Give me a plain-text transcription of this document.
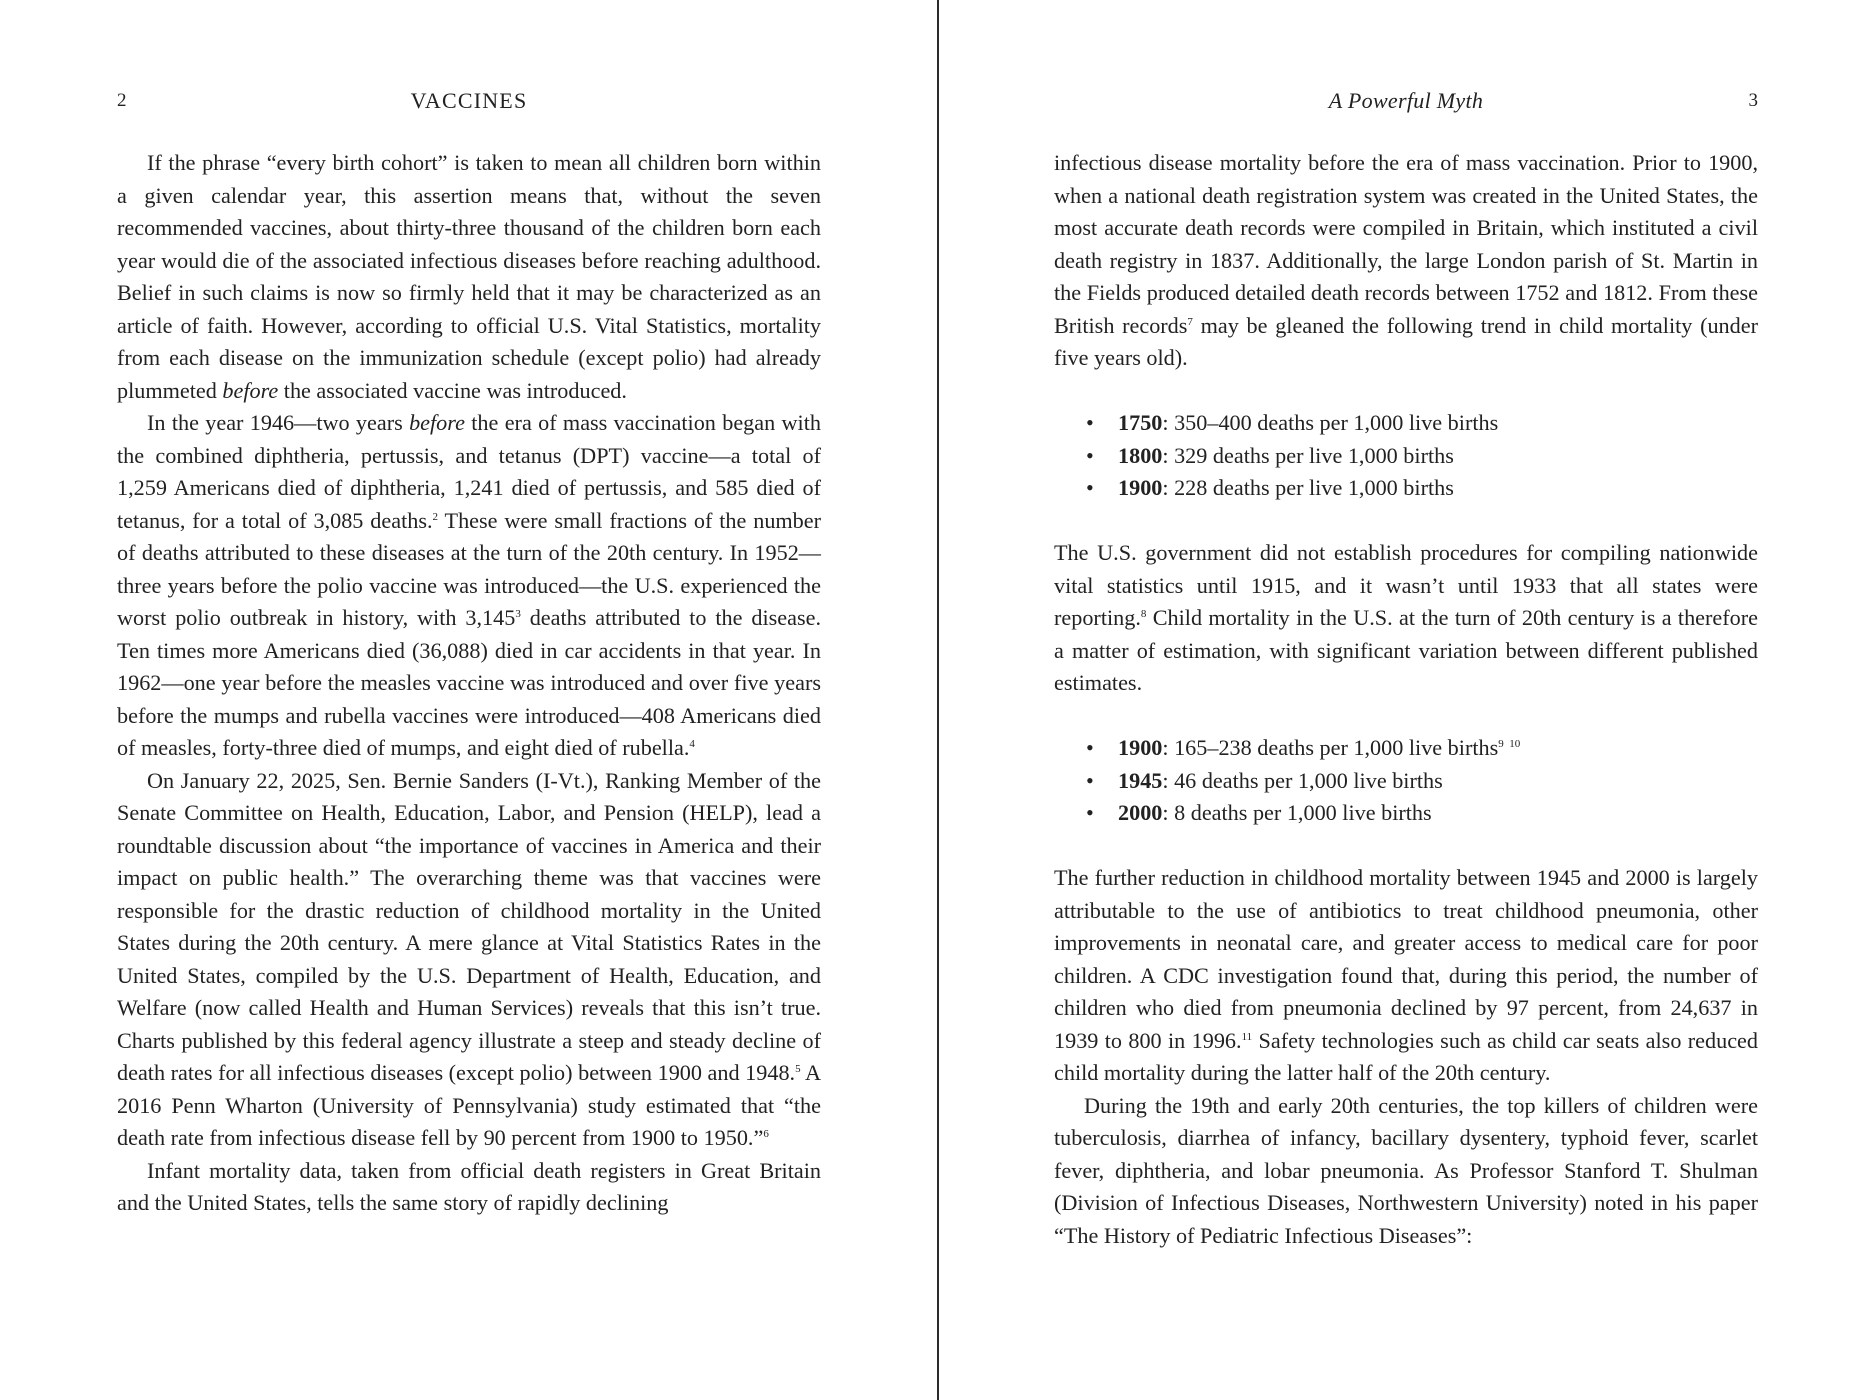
2	VACCINES

If the phrase “every birth cohort” is taken to mean all children born within a given calendar year, this assertion means that, without the seven recommended vaccines, about thirty-three thousand of the children born each year would die of the associated infectious diseases before reaching adulthood. Belief in such claims is now so firmly held that it may be characterized as an article of faith. However, according to official U.S. Vital Statistics, mortality from each disease on the immunization schedule (except polio) had already plummeted before the associated vaccine was introduced.

In the year 1946—two years before the era of mass vaccination began with the combined diphtheria, pertussis, and tetanus (DPT) vaccine—a total of 1,259 Americans died of diphtheria, 1,241 died of pertussis, and 585 died of tetanus, for a total of 3,085 deaths.$^2$ These were small fractions of the number of deaths attributed to these diseases at the turn of the 20th century. In 1952—three years before the polio vaccine was introduced—the U.S. experienced the worst polio outbreak in history, with 3,145$^3$ deaths attributed to the disease. Ten times more Americans died (36,088) died in car accidents in that year. In 1962—one year before the measles vaccine was introduced and over five years before the mumps and rubella vaccines were introduced—408 Americans died of measles, forty-three died of mumps, and eight died of rubella.$^4$

On January 22, 2025, Sen. Bernie Sanders (I-Vt.), Ranking Member of the Senate Committee on Health, Education, Labor, and Pension (HELP), lead a roundtable discussion about “the importance of vaccines in America and their impact on public health.” The overarching theme was that vaccines were responsible for the drastic reduction of childhood mortality in the United States during the 20th century. A mere glance at Vital Statistics Rates in the United States, compiled by the U.S. Department of Health, Education, and Welfare (now called Health and Human Services) reveals that this isn’t true. Charts published by this federal agency illustrate a steep and steady decline of death rates for all infectious diseases (except polio) between 1900 and 1948.$^5$ A 2016 Penn Wharton (University of Pennsylvania) study estimated that “the death rate from infectious disease fell by 90 percent from 1900 to 1950.”$^6$

Infant mortality data, taken from official death registers in Great Britain and the United States, tells the same story of rapidly declining

A Powerful Myth	3

infectious disease mortality before the era of mass vaccination. Prior to 1900, when a national death registration system was created in the United States, the most accurate death records were compiled in Britain, which instituted a civil death registry in 1837. Additionally, the large London parish of St. Martin in the Fields produced detailed death records between 1752 and 1812. From these British records$^7$ may be gleaned the following trend in child mortality (under five years old).

• 1750: 350–400 deaths per 1,000 live births
• 1800: 329 deaths per live 1,000 births
• 1900: 228 deaths per live 1,000 births

The U.S. government did not establish procedures for compiling nationwide vital statistics until 1915, and it wasn’t until 1933 that all states were reporting.$^8$ Child mortality in the U.S. at the turn of 20th century is a therefore a matter of estimation, with significant variation between different published estimates.

• 1900: 165–238 deaths per 1,000 live births$^{9 10}$
• 1945: 46 deaths per 1,000 live births
• 2000: 8 deaths per 1,000 live births

The further reduction in childhood mortality between 1945 and 2000 is largely attributable to the use of antibiotics to treat childhood pneumonia, other improvements in neonatal care, and greater access to medical care for poor children. A CDC investigation found that, during this period, the number of children who died from pneumonia declined by 97 percent, from 24,637 in 1939 to 800 in 1996.11 Safety technologies such as child car seats also reduced child mortality during the latter half of the 20th century.

During the 19th and early 20th centuries, the top killers of children were tuberculosis, diarrhea of infancy, bacillary dysentery, typhoid fever, scarlet fever, diphtheria, and lobar pneumonia. As Professor Stanford T. Shulman (Division of Infectious Diseases, Northwestern University) noted in his paper “The History of Pediatric Infectious Diseases”:
